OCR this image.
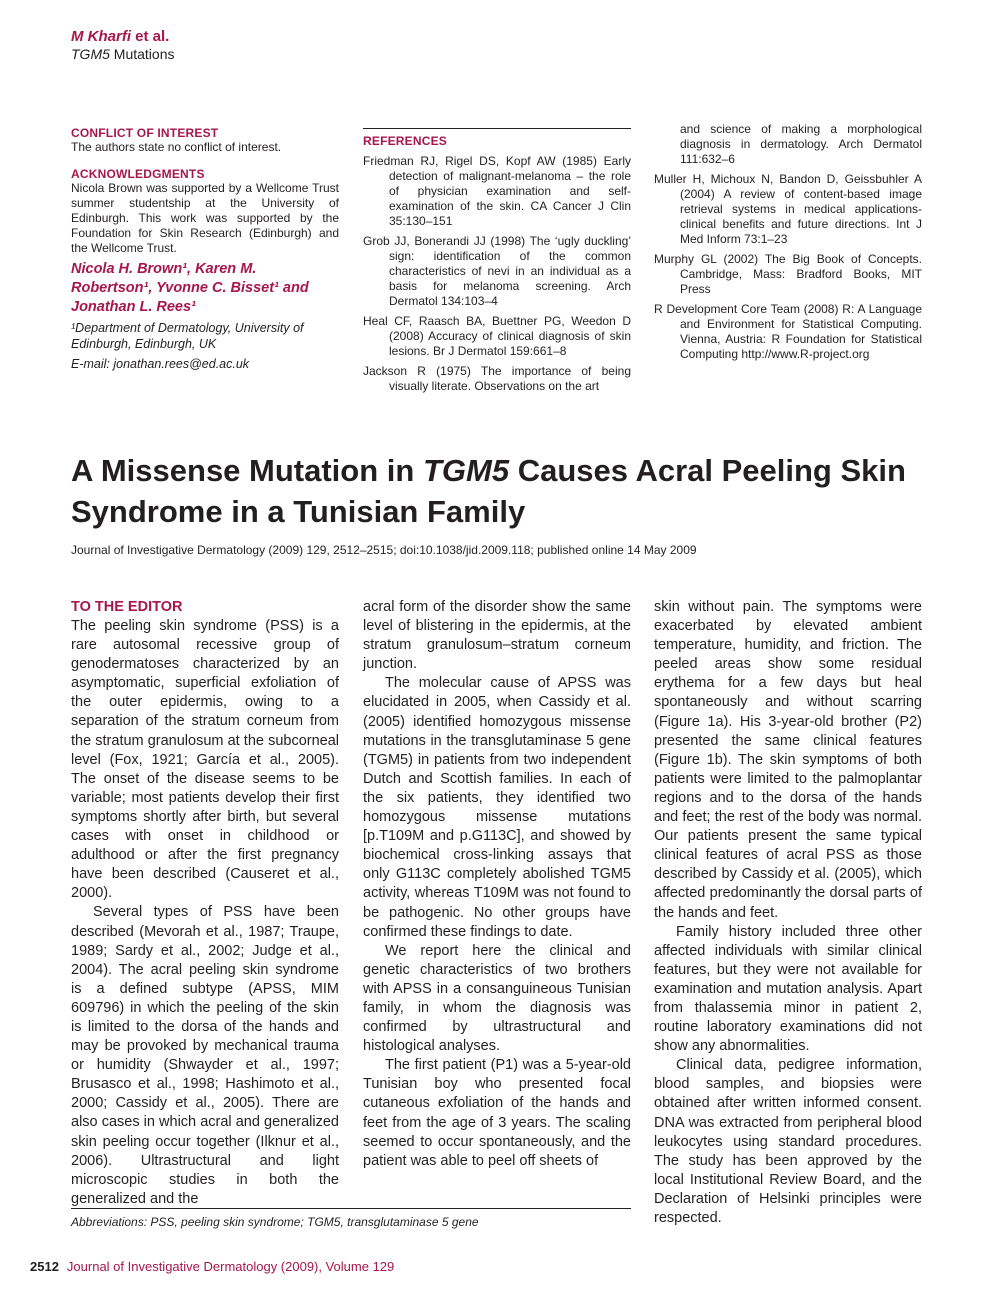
M Kharfi et al.
TGM5 Mutations
CONFLICT OF INTEREST

The authors state no conflict of interest.

ACKNOWLEDGMENTS

Nicola Brown was supported by a Wellcome Trust summer studentship at the University of Edinburgh. This work was supported by the Foundation for Skin Research (Edinburgh) and the Wellcome Trust.

Nicola H. Brown¹, Karen M. Robertson¹, Yvonne C. Bisset¹ and Jonathan L. Rees¹
¹Department of Dermatology, University of Edinburgh, Edinburgh, UK
E-mail: jonathan.rees@ed.ac.uk
REFERENCES

Friedman RJ, Rigel DS, Kopf AW (1985) Early detection of malignant-melanoma – the role of physician examination and self-examination of the skin. CA Cancer J Clin 35:130–151

Grob JJ, Bonerandi JJ (1998) The ‘ugly duckling’ sign: identification of the common characteristics of nevi in an individual as a basis for melanoma screening. Arch Dermatol 134:103–4

Heal CF, Raasch BA, Buettner PG, Weedon D (2008) Accuracy of clinical diagnosis of skin lesions. Br J Dermatol 159:661–8

Jackson R (1975) The importance of being visually literate. Observations on the art

and science of making a morphological diagnosis in dermatology. Arch Dermatol 111:632–6

Muller H, Michoux N, Bandon D, Geissbuhler A (2004) A review of content-based image retrieval systems in medical applications-clinical benefits and future directions. Int J Med Inform 73:1–23

Murphy GL (2002) The Big Book of Concepts. Cambridge, Mass: Bradford Books, MIT Press

R Development Core Team (2008) R: A Language and Environment for Statistical Computing. Vienna, Austria: R Foundation for Statistical Computing http://www.R-project.org

A Missense Mutation in TGM5 Causes Acral Peeling Skin Syndrome in a Tunisian Family
Journal of Investigative Dermatology (2009) 129, 2512–2515; doi:10.1038/jid.2009.118; published online 14 May 2009
TO THE EDITOR

The peeling skin syndrome (PSS) is a rare autosomal recessive group of genodermatoses characterized by an asymptomatic, superficial exfoliation of the outer epidermis, owing to a separation of the stratum corneum from the stratum granulosum at the subcorneal level (Fox, 1921; García et al., 2005). The onset of the disease seems to be variable; most patients develop their first symptoms shortly after birth, but several cases with onset in childhood or adulthood or after the first pregnancy have been described (Causeret et al., 2000).

Several types of PSS have been described (Mevorah et al., 1987; Traupe, 1989; Sardy et al., 2002; Judge et al., 2004). The acral peeling skin syndrome is a defined subtype (APSS, MIM 609796) in which the peeling of the skin is limited to the dorsa of the hands and may be provoked by mechanical trauma or humidity (Shwayder et al., 1997; Brusasco et al., 1998; Hashimoto et al., 2000; Cassidy et al., 2005). There are also cases in which acral and generalized skin peeling occur together (Ilknur et al., 2006). Ultrastructural and light microscopic studies in both the generalized and the

acral form of the disorder show the same level of blistering in the epidermis, at the stratum granulosum–stratum corneum junction.

The molecular cause of APSS was elucidated in 2005, when Cassidy et al. (2005) identified homozygous missense mutations in the transglutaminase 5 gene (TGM5) in patients from two independent Dutch and Scottish families. In each of the six patients, they identified two homozygous missense mutations [p.T109M and p.G113C], and showed by biochemical cross-linking assays that only G113C completely abolished TGM5 activity, whereas T109M was not found to be pathogenic. No other groups have confirmed these findings to date.

We report here the clinical and genetic characteristics of two brothers with APSS in a consanguineous Tunisian family, in whom the diagnosis was confirmed by ultrastructural and histological analyses.

The first patient (P1) was a 5-year-old Tunisian boy who presented focal cutaneous exfoliation of the hands and feet from the age of 3 years. The scaling seemed to occur spontaneously, and the patient was able to peel off sheets of

skin without pain. The symptoms were exacerbated by elevated ambient temperature, humidity, and friction. The peeled areas show some residual erythema for a few days but heal spontaneously and without scarring (Figure 1a). His 3-year-old brother (P2) presented the same clinical features (Figure 1b). The skin symptoms of both patients were limited to the palmoplantar regions and to the dorsa of the hands and feet; the rest of the body was normal. Our patients present the same typical clinical features of acral PSS as those described by Cassidy et al. (2005), which affected predominantly the dorsal parts of the hands and feet.

Family history included three other affected individuals with similar clinical features, but they were not available for examination and mutation analysis. Apart from thalassemia minor in patient 2, routine laboratory examinations did not show any abnormalities.

Clinical data, pedigree information, blood samples, and biopsies were obtained after written informed consent. DNA was extracted from peripheral blood leukocytes using standard procedures. The study has been approved by the local Institutional Review Board, and the Declaration of Helsinki principles were respected.

Abbreviations: PSS, peeling skin syndrome; TGM5, transglutaminase 5 gene
2512 Journal of Investigative Dermatology (2009), Volume 129
